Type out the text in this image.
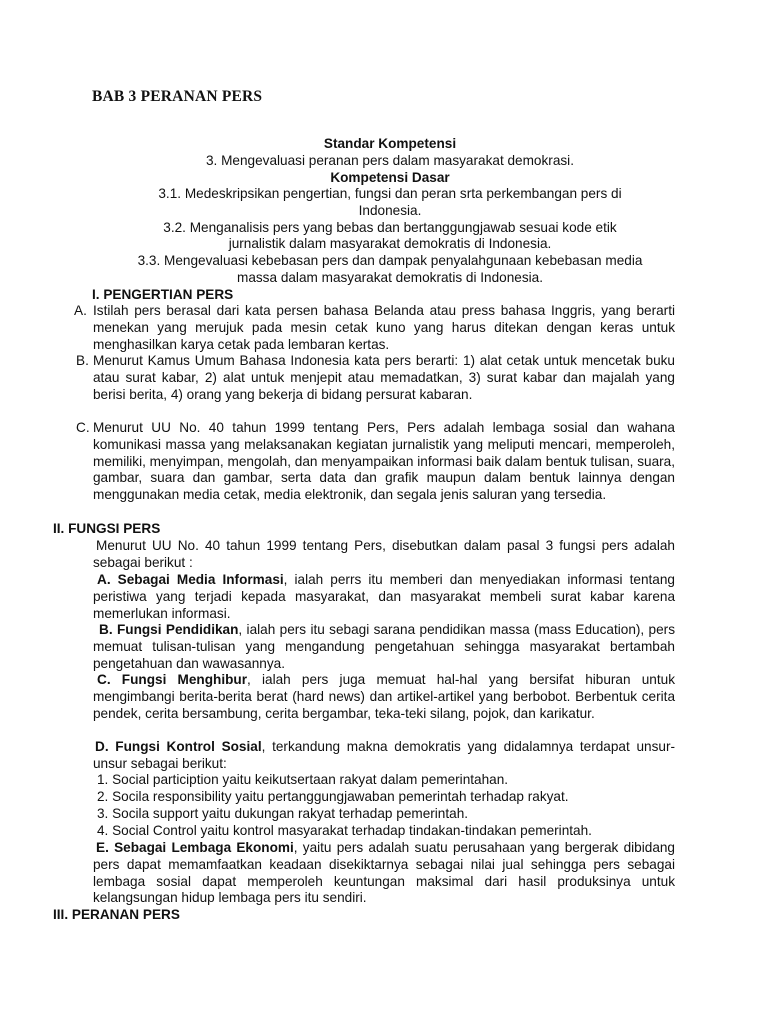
BAB 3 PERANAN PERS
Standar Kompetensi
3. Mengevaluasi peranan pers dalam masyarakat demokrasi.
Kompetensi Dasar
3.1. Medeskripsikan pengertian, fungsi dan peran srta perkembangan pers di
Indonesia.
3.2. Menganalisis pers yang bebas dan bertanggungjawab sesuai kode etik
jurnalistik dalam masyarakat demokratis di Indonesia.
3.3. Mengevaluasi kebebasan pers dan dampak penyalahgunaan kebebasan media
massa dalam masyarakat demokratis di Indonesia.
I. PENGERTIAN PERS
A. Istilah pers berasal dari kata persen bahasa Belanda atau press bahasa Inggris, yang berarti menekan yang merujuk pada mesin cetak kuno yang harus ditekan dengan keras untuk menghasilkan karya cetak pada lembaran kertas.
B. Menurut Kamus Umum Bahasa Indonesia kata pers berarti: 1) alat cetak untuk mencetak buku atau surat kabar, 2) alat untuk menjepit atau memadatkan, 3) surat kabar dan majalah yang berisi berita, 4) orang yang bekerja di bidang persurat kabaran.
C. Menurut UU No. 40 tahun 1999 tentang Pers, Pers adalah lembaga sosial dan wahana komunikasi massa yang melaksanakan kegiatan jurnalistik yang meliputi mencari, memperoleh, memiliki, menyimpan, mengolah, dan menyampaikan informasi baik dalam bentuk tulisan, suara, gambar, suara dan gambar, serta data dan grafik maupun dalam bentuk lainnya dengan menggunakan media cetak, media elektronik, dan segala jenis saluran yang tersedia.
II. FUNGSI PERS
Menurut UU No. 40 tahun 1999 tentang Pers, disebutkan dalam pasal 3 fungsi pers adalah sebagai berikut :
A. Sebagai Media Informasi, ialah perrs itu memberi dan menyediakan informasi tentang peristiwa yang terjadi kepada masyarakat, dan masyarakat membeli surat kabar karena memerlukan informasi.
B. Fungsi Pendidikan, ialah pers itu sebagi sarana pendidikan massa (mass Education), pers memuat tulisan-tulisan yang mengandung pengetahuan sehingga masyarakat bertambah pengetahuan dan wawasannya.
C. Fungsi Menghibur, ialah pers juga memuat hal-hal yang bersifat hiburan untuk mengimbangi berita-berita berat (hard news) dan artikel-artikel yang berbobot. Berbentuk cerita pendek, cerita bersambung, cerita bergambar, teka-teki silang, pojok, dan karikatur.
D. Fungsi Kontrol Sosial, terkandung makna demokratis yang didalamnya terdapat unsur-unsur sebagai berikut:
1. Social particiption yaitu keikutsertaan rakyat dalam pemerintahan.
2. Socila responsibility yaitu pertanggungjawaban pemerintah terhadap rakyat.
3. Socila support yaitu dukungan rakyat terhadap pemerintah.
4. Social Control yaitu kontrol masyarakat terhadap tindakan-tindakan pemerintah.
E. Sebagai Lembaga Ekonomi, yaitu pers adalah suatu perusahaan yang bergerak dibidang pers dapat memamfaatkan keadaan disekiktarnya sebagai nilai jual sehingga pers sebagai lembaga sosial dapat memperoleh keuntungan maksimal dari hasil produksinya untuk kelangsungan hidup lembaga pers itu sendiri.
III. PERANAN PERS
